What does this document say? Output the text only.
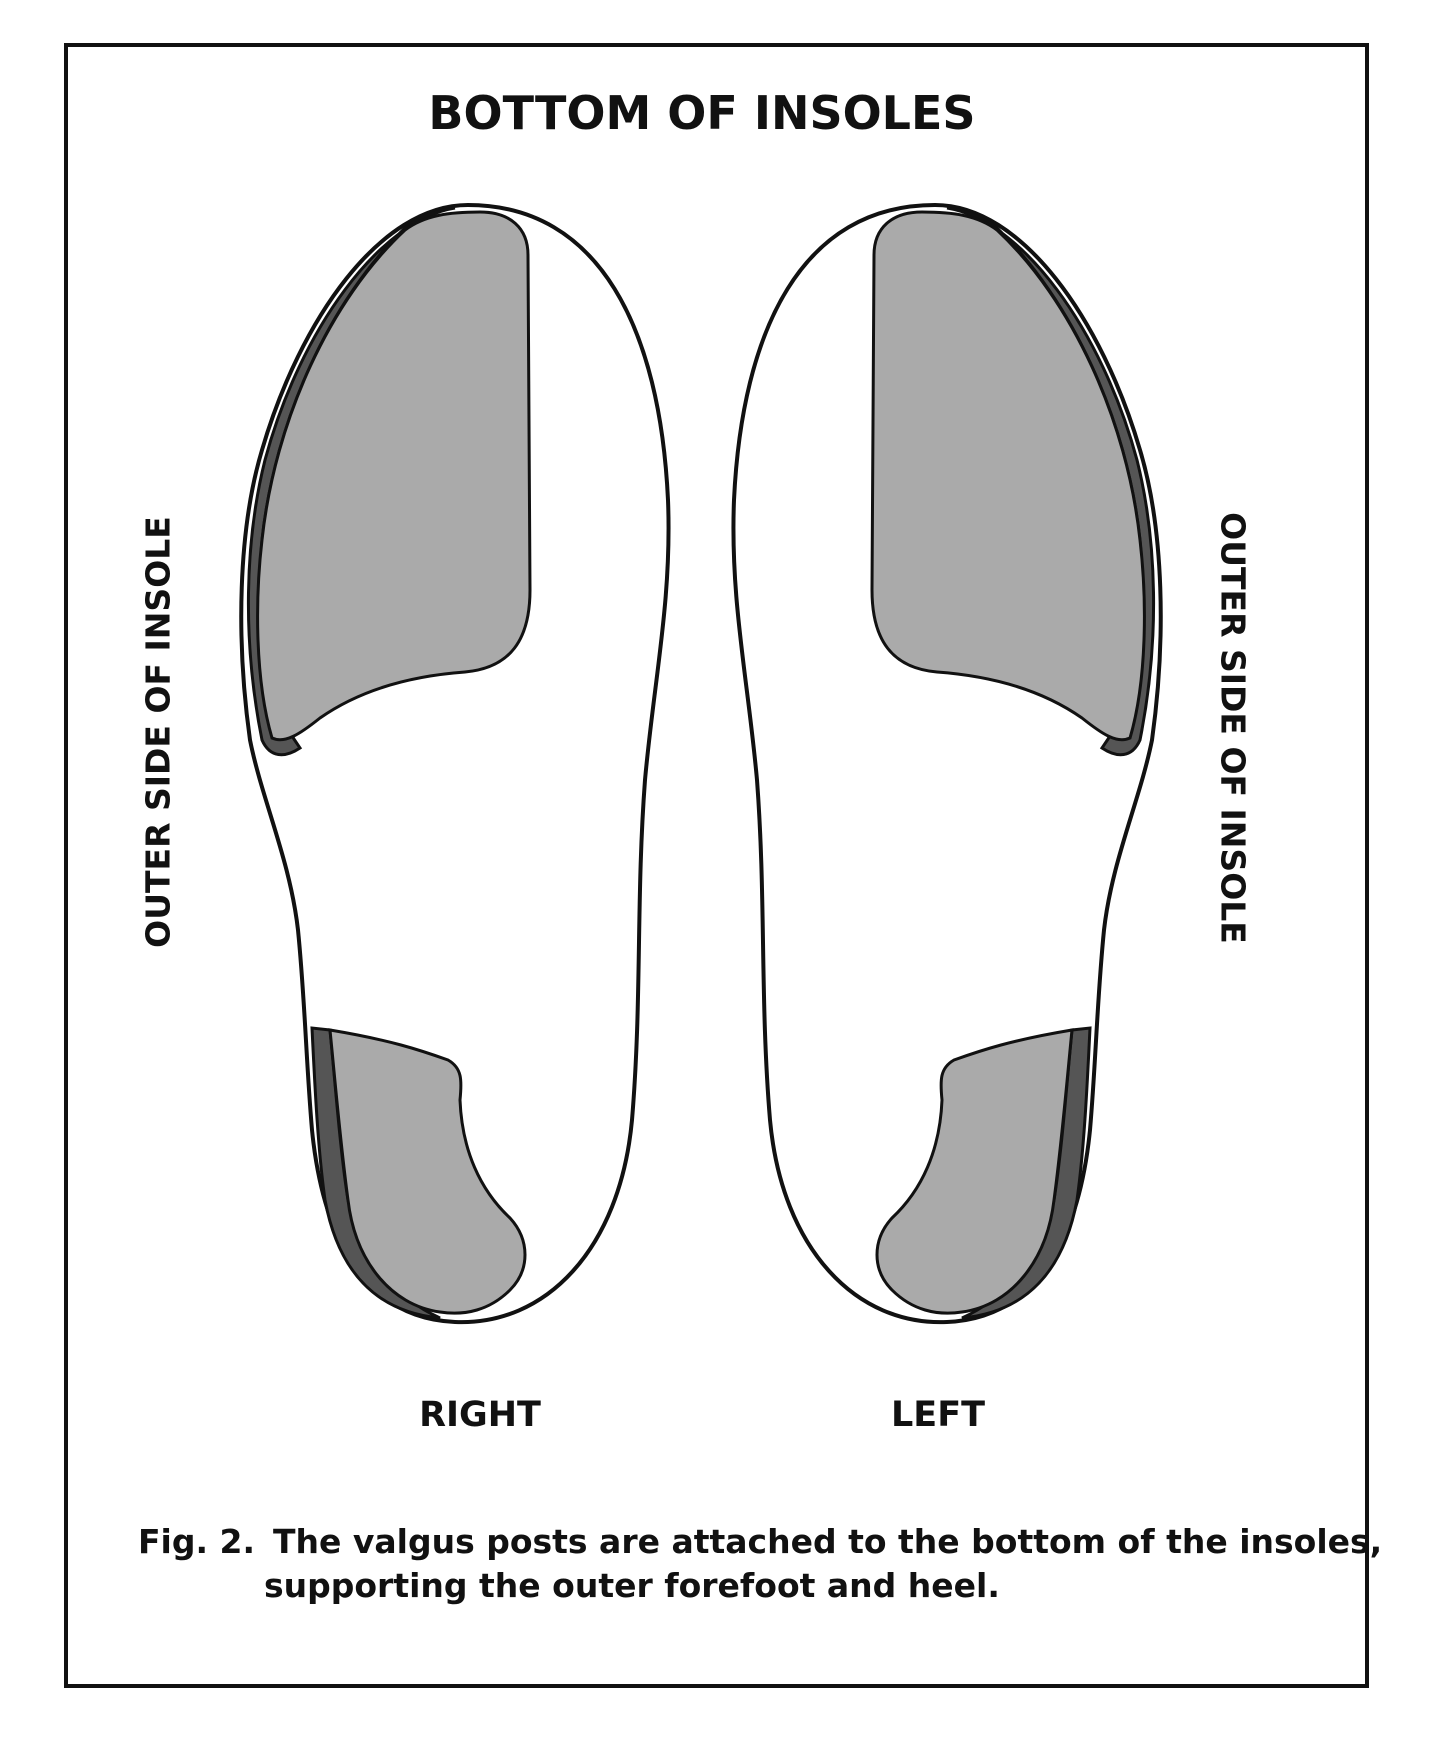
BOTTOM OF INSOLES
OUTER SIDE OF INSOLE	OUTER SIDE OF INSOLE
RIGHT	LEFT
Fig. 2. The valgus posts are attached to the bottom of the insoles,
supporting the outer forefoot and heel.
